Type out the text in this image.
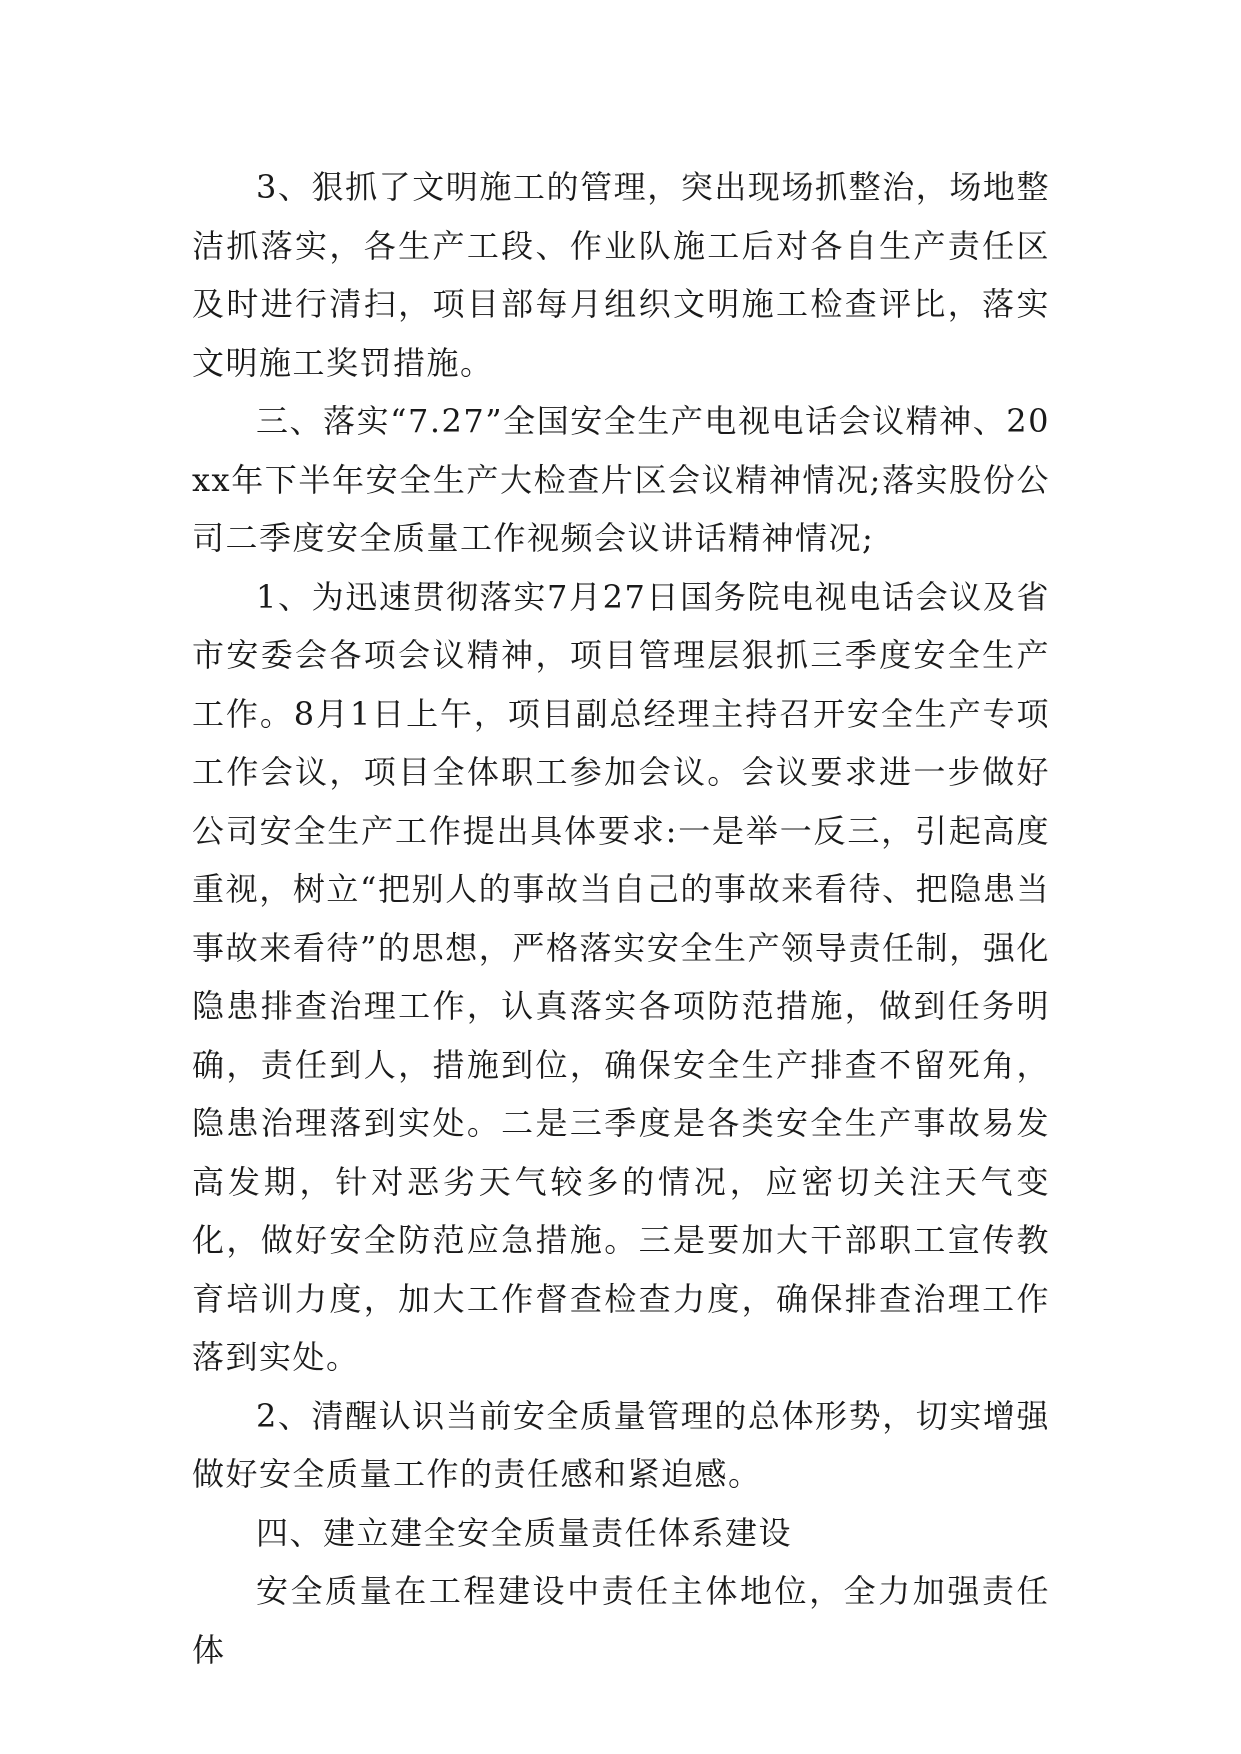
3、狠抓了文明施工的管理，突出现场抓整治，场地整洁抓落实，各生产工段、作业队施工后对各自生产责任区及时进行清扫，项目部每月组织文明施工检查评比，落实文明施工奖罚措施。

三、落实“7.27”全国安全生产电视电话会议精神、20xx年下半年安全生产大检查片区会议精神情况;落实股份公司二季度安全质量工作视频会议讲话精神情况;

1、为迅速贯彻落实7月27日国务院电视电话会议及省市安委会各项会议精神，项目管理层狠抓三季度安全生产工作。8月1日上午，项目副总经理主持召开安全生产专项工作会议，项目全体职工参加会议。会议要求进一步做好公司安全生产工作提出具体要求:一是举一反三，引起高度重视，树立“把别人的事故当自己的事故来看待、把隐患当事故来看待”的思想，严格落实安全生产领导责任制，强化隐患排查治理工作，认真落实各项防范措施，做到任务明确，责任到人，措施到位，确保安全生产排查不留死角，隐患治理落到实处。二是三季度是各类安全生产事故易发高发期，针对恶劣天气较多的情况，应密切关注天气变化，做好安全防范应急措施。三是要加大干部职工宣传教育培训力度，加大工作督查检查力度，确保排查治理工作落到实处。

2、清醒认识当前安全质量管理的总体形势，切实增强做好安全质量工作的责任感和紧迫感。

四、建立建全安全质量责任体系建设

安全质量在工程建设中责任主体地位，全力加强责任体
